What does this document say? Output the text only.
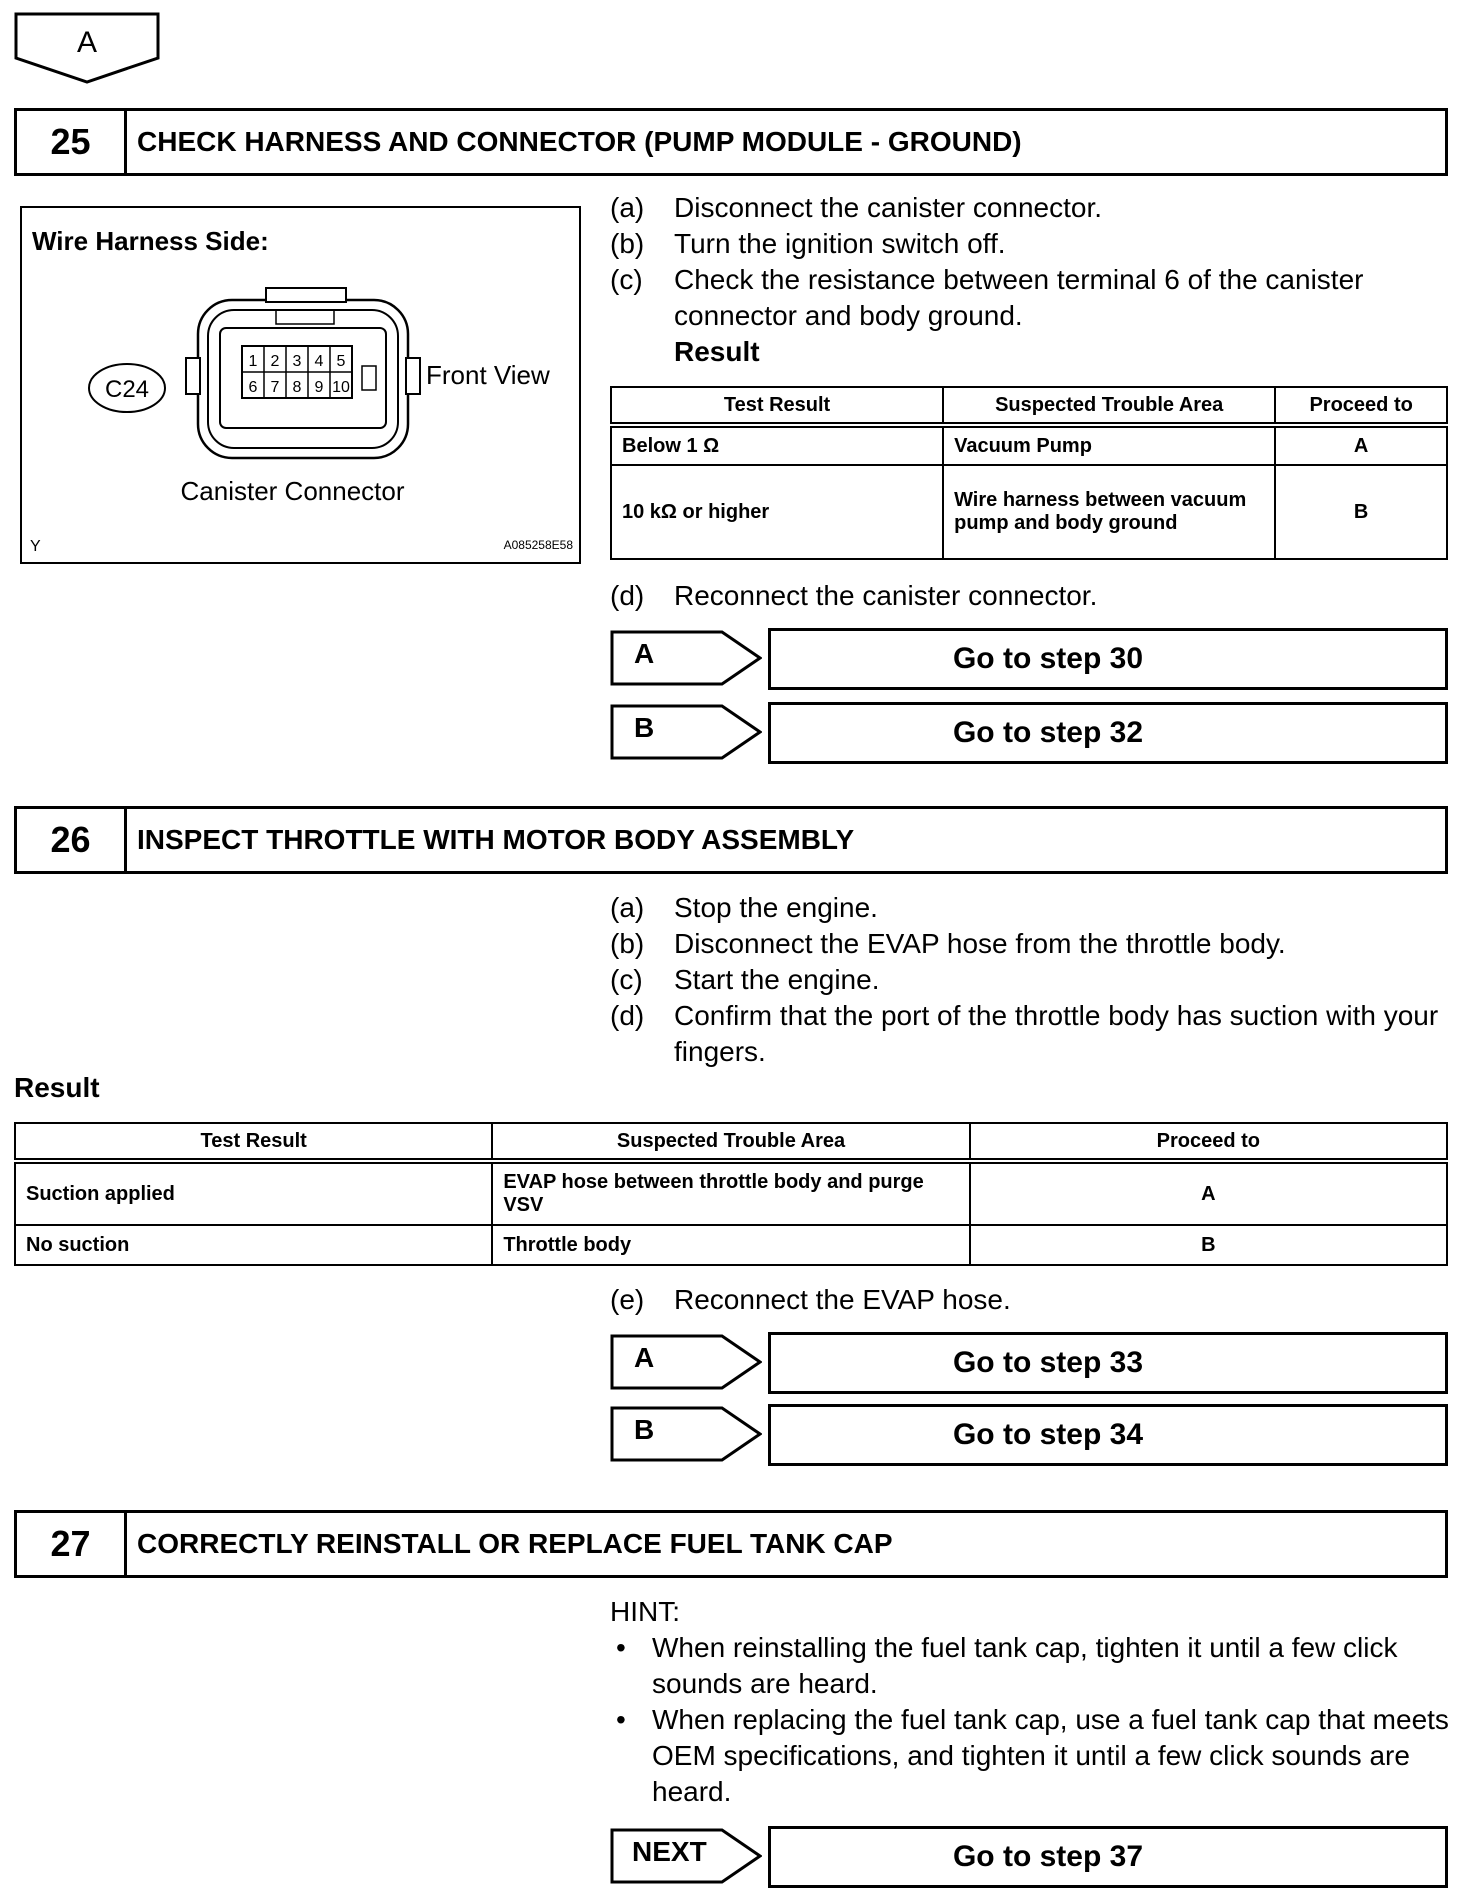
A
25	CHECK HARNESS AND CONNECTOR (PUMP MODULE - GROUND)
Wire Harness Side:
1 2 3 4 5
6 7 8 9 10
C24	Front View
Canister Connector
Y	A085258E58
(a)	Disconnect the canister connector.
(b)	Turn the ignition switch off.
(c)	Check the resistance between terminal 6 of the canister connector and body ground.
Result
Test Result	Suspected Trouble Area	Proceed to
Below 1 Ω	Vacuum Pump	A
10 kΩ or higher	Wire harness between vacuum pump and body ground	B
(d)	Reconnect the canister connector.
A	Go to step 30
B	Go to step 32
26	INSPECT THROTTLE WITH MOTOR BODY ASSEMBLY
(a)	Stop the engine.
(b)	Disconnect the EVAP hose from the throttle body.
(c)	Start the engine.
(d)	Confirm that the port of the throttle body has suction with your fingers.
Result
Test Result	Suspected Trouble Area	Proceed to
Suction applied	EVAP hose between throttle body and purge VSV	A
No suction	Throttle body	B
(e)	Reconnect the EVAP hose.
A	Go to step 33
B	Go to step 34
27	CORRECTLY REINSTALL OR REPLACE FUEL TANK CAP
HINT:
• When reinstalling the fuel tank cap, tighten it until a few click sounds are heard.
• When replacing the fuel tank cap, use a fuel tank cap that meets OEM specifications, and tighten it until a few click sounds are heard.
NEXT	Go to step 37
